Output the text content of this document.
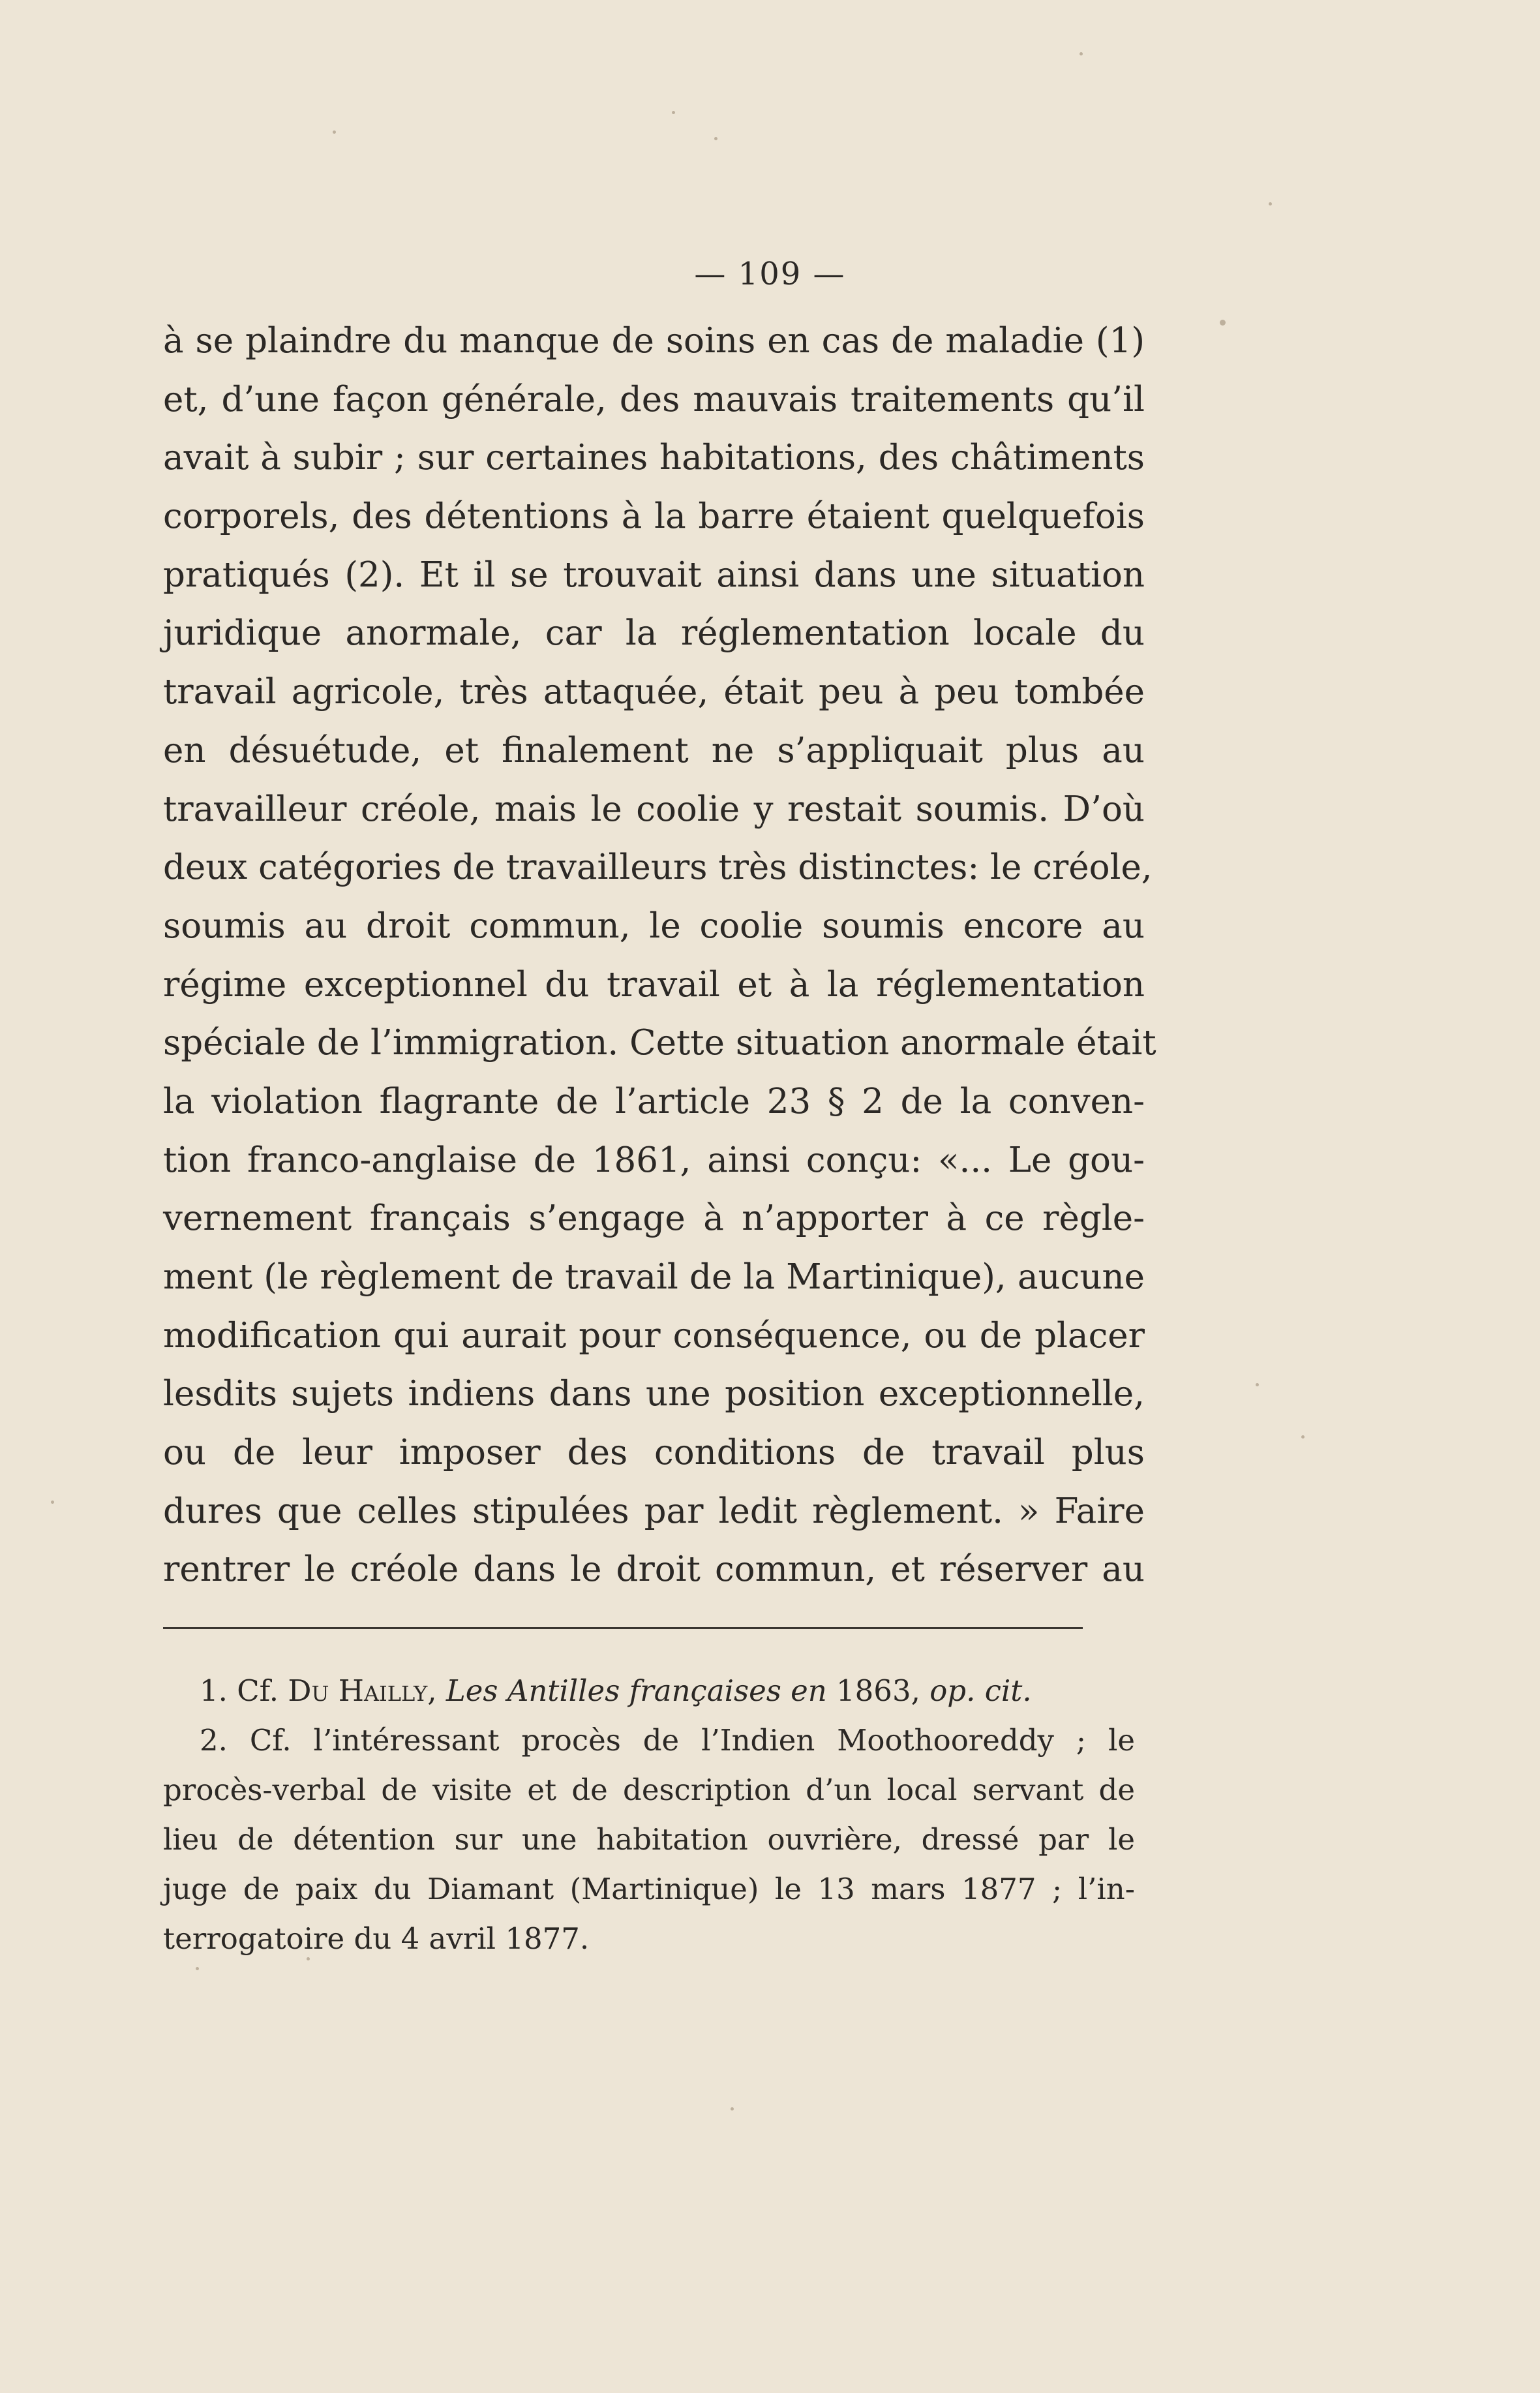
— 109 —
à se plaindre du manque de soins en cas de maladie (1)
et, d’une façon générale, des mauvais traitements qu’il
avait à subir ; sur certaines habitations, des châtiments
corporels, des détentions à la barre étaient quelquefois
pratiqués (2). Et il se trouvait ainsi dans une situation
juridique anormale, car la réglementation locale du
travail agricole, très attaquée, était peu à peu tombée
en désuétude, et finalement ne s’appliquait plus au
travailleur créole, mais le coolie y restait soumis. D’où
deux catégories de travailleurs très distinctes: le créole,
soumis au droit commun, le coolie soumis encore au
régime exceptionnel du travail et à la réglementation
spéciale de l’immigration. Cette situation anormale était
la violation flagrante de l’article 23 § 2 de la conven-
tion franco-anglaise de 1861, ainsi conçu: «... Le gou-
vernement français s’engage à n’apporter à ce règle-
ment (le règlement de travail de la Martinique), aucune
modification qui aurait pour conséquence, ou de placer
lesdits sujets indiens dans une position exceptionnelle,
ou de leur imposer des conditions de travail plus
dures que celles stipulées par ledit règlement. » Faire
rentrer le créole dans le droit commun, et réserver au
1. Cf. Du Hailly, Les Antilles françaises en 1863, op. cit.
2. Cf. l’intéressant procès de l’Indien Moothooreddy ; le
procès-verbal de visite et de description d’un local servant de
lieu de détention sur une habitation ouvrière, dressé par le
juge de paix du Diamant (Martinique) le 13 mars 1877 ; l’in-
terrogatoire du 4 avril 1877.
